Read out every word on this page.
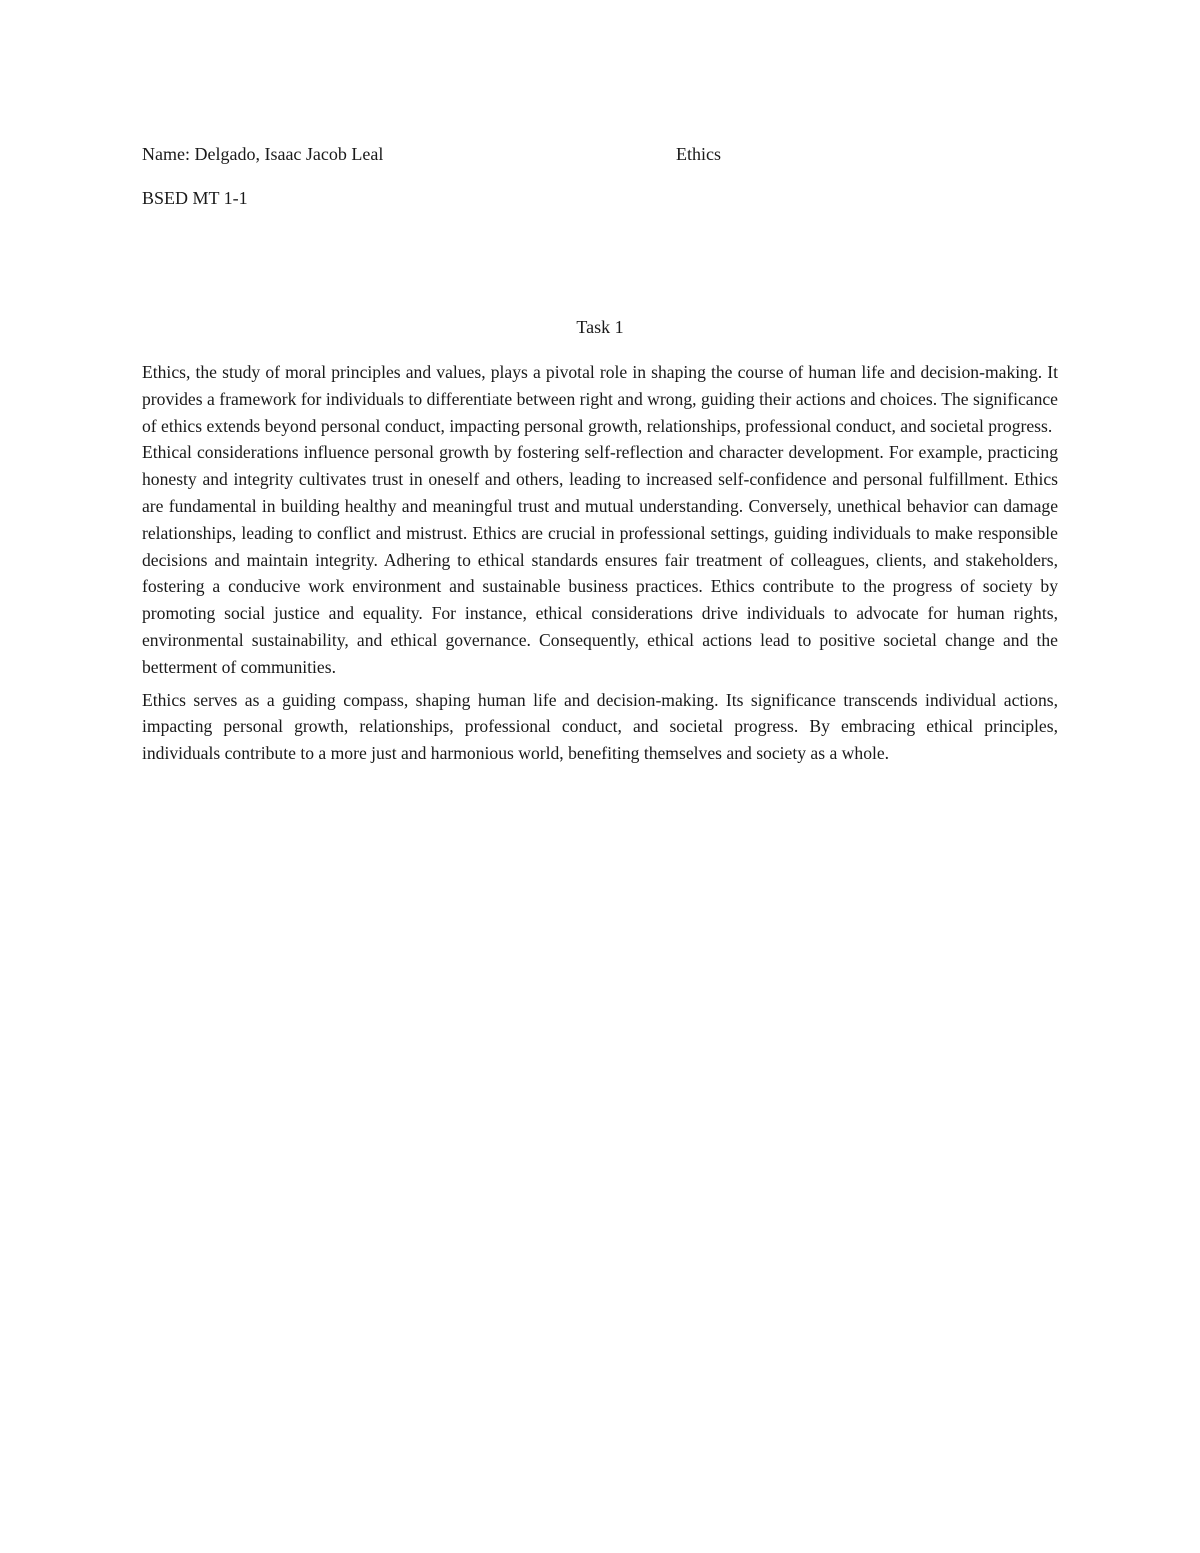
Name: Delgado, Isaac Jacob Leal	Ethics
BSED MT 1-1
Task 1

Ethics, the study of moral principles and values, plays a pivotal role in shaping the course of human life and decision-making. It provides a framework for individuals to differentiate between right and wrong, guiding their actions and choices. The significance of ethics extends beyond personal conduct, impacting personal growth, relationships, professional conduct, and societal progress.

Ethical considerations influence personal growth by fostering self-reflection and character development. For example, practicing honesty and integrity cultivates trust in oneself and others, leading to increased self-confidence and personal fulfillment. Ethics are fundamental in building healthy and meaningful trust and mutual understanding. Conversely, unethical behavior can damage relationships, leading to conflict and mistrust. Ethics are crucial in professional settings, guiding individuals to make responsible decisions and maintain integrity. Adhering to ethical standards ensures fair treatment of colleagues, clients, and stakeholders, fostering a conducive work environment and sustainable business practices. Ethics contribute to the progress of society by promoting social justice and equality. For instance, ethical considerations drive individuals to advocate for human rights, environmental sustainability, and ethical governance. Consequently, ethical actions lead to positive societal change and the betterment of communities.

Ethics serves as a guiding compass, shaping human life and decision-making. Its significance transcends individual actions, impacting personal growth, relationships, professional conduct, and societal progress. By embracing ethical principles, individuals contribute to a more just and harmonious world, benefiting themselves and society as a whole.
